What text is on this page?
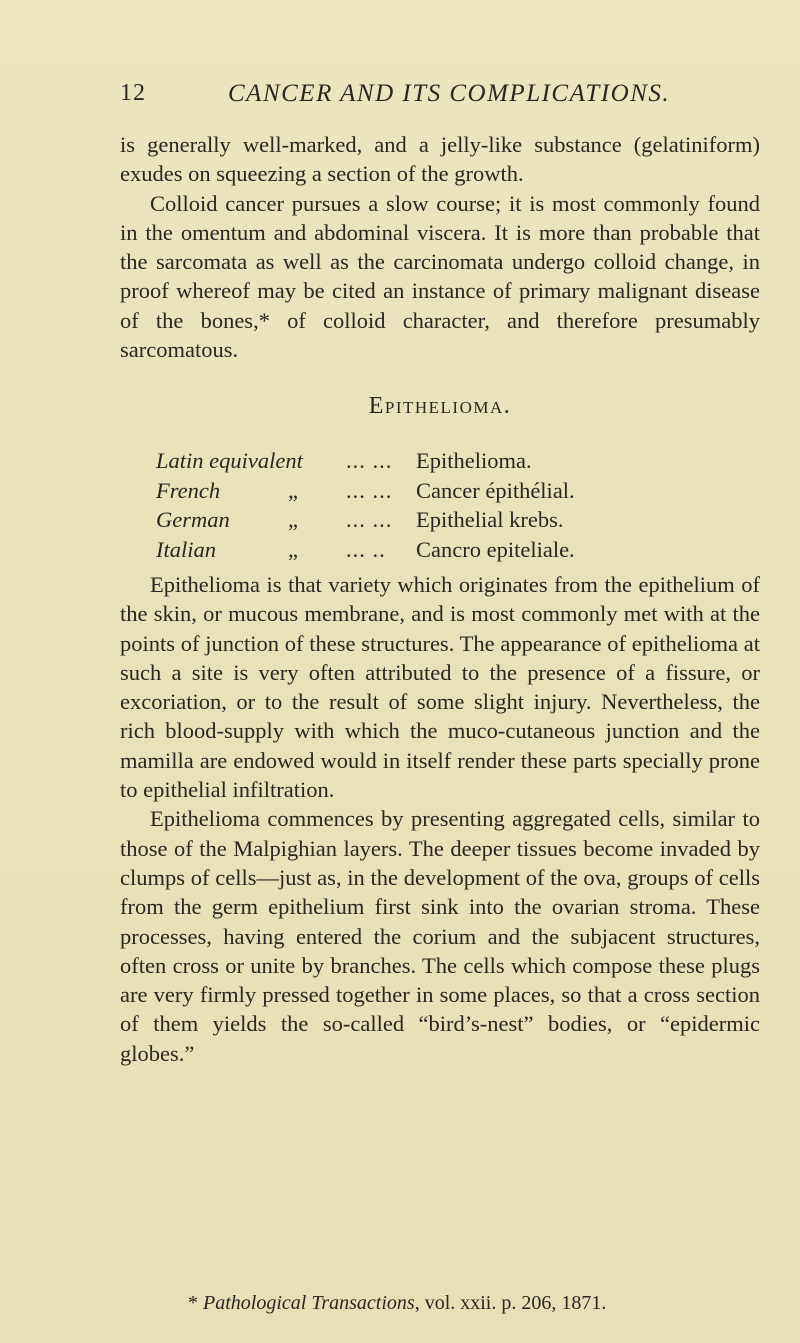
12	CANCER AND ITS COMPLICATIONS.

is generally well-marked, and a jelly-like substance (gelatiniform) exudes on squeezing a section of the growth.

Colloid cancer pursues a slow course; it is most commonly found in the omentum and abdominal viscera. It is more than probable that the sarcomata as well as the carcinomata undergo colloid change, in proof whereof may be cited an instance of primary malignant disease of the bones,* of colloid character, and therefore presumably sarcomatous.

Epithelioma.
Latin equivalent ... ... Epithelioma.
French	„ ... ... Cancer épithélial.
German	„ ... ... Epithelial krebs.
Italian	„ ... .. Cancro epiteliale.

Epithelioma is that variety which originates from the epithelium of the skin, or mucous membrane, and is most commonly met with at the points of junction of these structures. The appearance of epithelioma at such a site is very often attributed to the presence of a fissure, or excoriation, or to the result of some slight injury. Nevertheless, the rich blood-supply with which the muco-cutaneous junction and the mamilla are endowed would in itself render these parts specially prone to epithelial infiltration.

Epithelioma commences by presenting aggregated cells, similar to those of the Malpighian layers. The deeper tissues become invaded by clumps of cells—just as, in the development of the ova, groups of cells from the germ epithelium first sink into the ovarian stroma. These processes, having entered the corium and the subjacent structures, often cross or unite by branches. The cells which compose these plugs are very firmly pressed together in some places, so that a cross section of them yields the so-called “bird’s-nest” bodies, or “epidermic globes.”

* Pathological Transactions, vol. xxii. p. 206, 1871.
